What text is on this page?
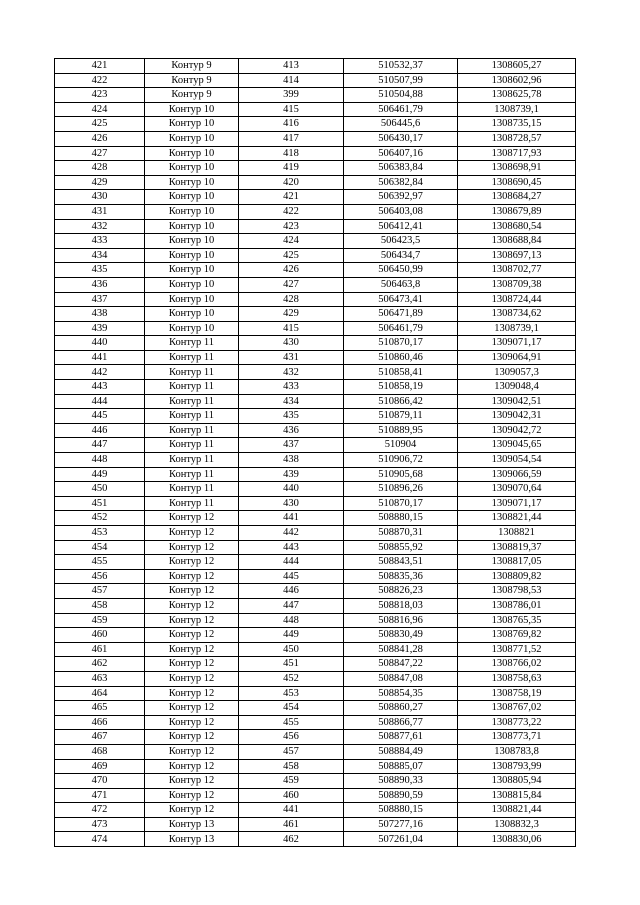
421	Контур 9	413	510532,37	1308605,27
422	Контур 9	414	510507,99	1308602,96
423	Контур 9	399	510504,88	1308625,78
424	Контур 10	415	506461,79	1308739,1
425	Контур 10	416	506445,6	1308735,15
426	Контур 10	417	506430,17	1308728,57
427	Контур 10	418	506407,16	1308717,93
428	Контур 10	419	506383,84	1308698,91
429	Контур 10	420	506382,84	1308690,45
430	Контур 10	421	506392,97	1308684,27
431	Контур 10	422	506403,08	1308679,89
432	Контур 10	423	506412,41	1308680,54
433	Контур 10	424	506423,5	1308688,84
434	Контур 10	425	506434,7	1308697,13
435	Контур 10	426	506450,99	1308702,77
436	Контур 10	427	506463,8	1308709,38
437	Контур 10	428	506473,41	1308724,44
438	Контур 10	429	506471,89	1308734,62
439	Контур 10	415	506461,79	1308739,1
440	Контур 11	430	510870,17	1309071,17
441	Контур 11	431	510860,46	1309064,91
442	Контур 11	432	510858,41	1309057,3
443	Контур 11	433	510858,19	1309048,4
444	Контур 11	434	510866,42	1309042,51
445	Контур 11	435	510879,11	1309042,31
446	Контур 11	436	510889,95	1309042,72
447	Контур 11	437	510904	1309045,65
448	Контур 11	438	510906,72	1309054,54
449	Контур 11	439	510905,68	1309066,59
450	Контур 11	440	510896,26	1309070,64
451	Контур 11	430	510870,17	1309071,17
452	Контур 12	441	508880,15	1308821,44
453	Контур 12	442	508870,31	1308821
454	Контур 12	443	508855,92	1308819,37
455	Контур 12	444	508843,51	1308817,05
456	Контур 12	445	508835,36	1308809,82
457	Контур 12	446	508826,23	1308798,53
458	Контур 12	447	508818,03	1308786,01
459	Контур 12	448	508816,96	1308765,35
460	Контур 12	449	508830,49	1308769,82
461	Контур 12	450	508841,28	1308771,52
462	Контур 12	451	508847,22	1308766,02
463	Контур 12	452	508847,08	1308758,63
464	Контур 12	453	508854,35	1308758,19
465	Контур 12	454	508860,27	1308767,02
466	Контур 12	455	508866,77	1308773,22
467	Контур 12	456	508877,61	1308773,71
468	Контур 12	457	508884,49	1308783,8
469	Контур 12	458	508885,07	1308793,99
470	Контур 12	459	508890,33	1308805,94
471	Контур 12	460	508890,59	1308815,84
472	Контур 12	441	508880,15	1308821,44
473	Контур 13	461	507277,16	1308832,3
474	Контур 13	462	507261,04	1308830,06
